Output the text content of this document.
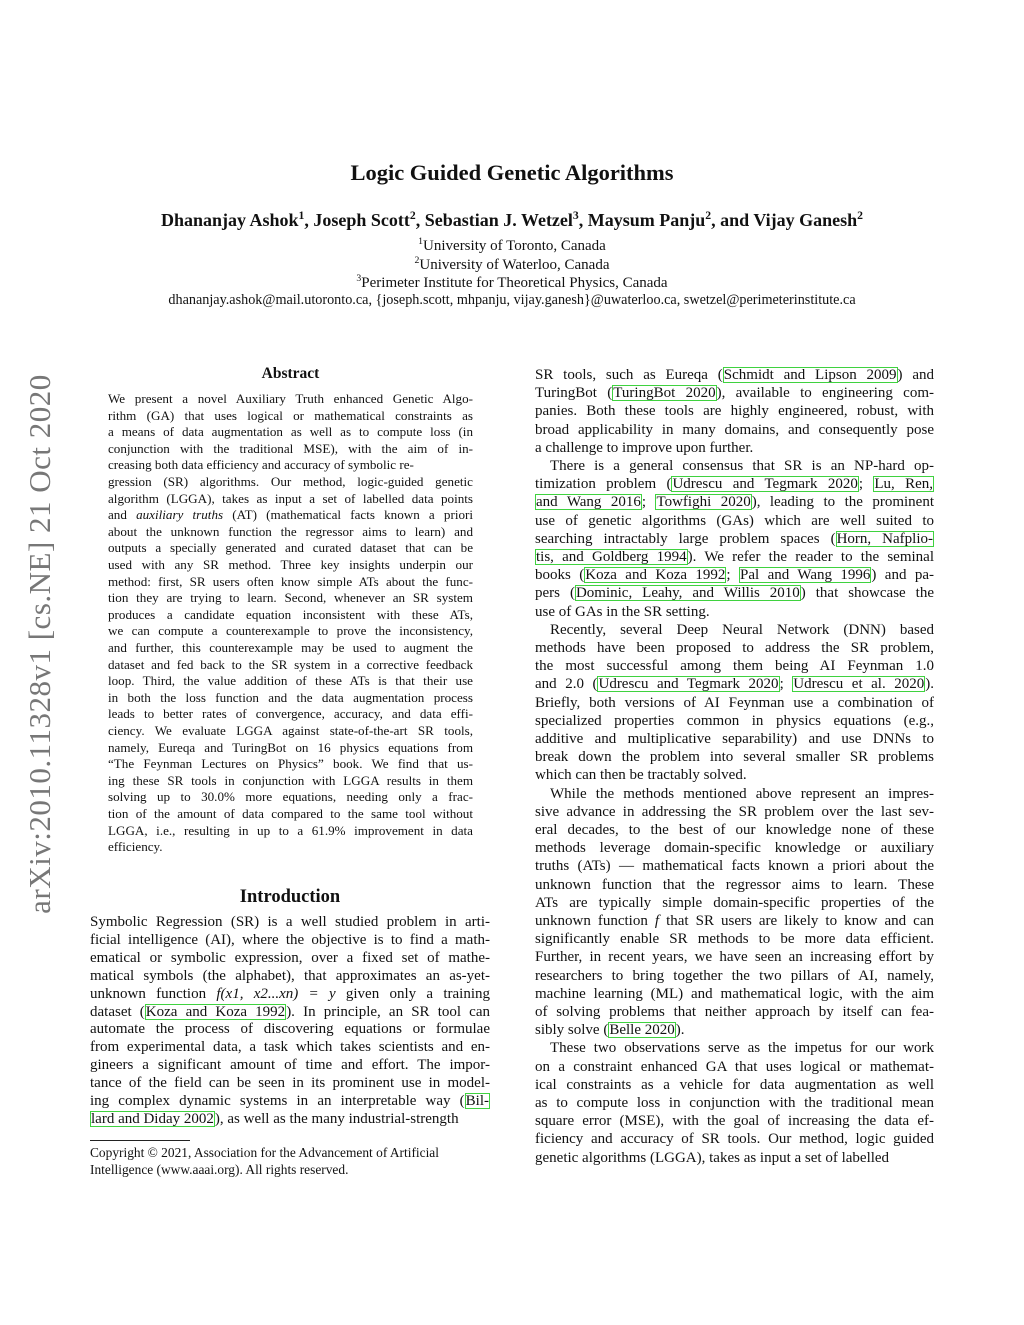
Logic Guided Genetic Algorithms
Dhananjay Ashok$^1$, Joseph Scott$^2$, Sebastian J. Wetzel$^3$, Maysum Panju$^2$, and Vijay Ganesh$^2$
$^1$University of Toronto, Canada
$^2$University of Waterloo, Canada
$^3$Perimeter Institute for Theoretical Physics, Canada
dhananjay.ashok@mail.utoronto.ca, {joseph.scott, mhpanju, vijay.ganesh}@uwaterloo.ca, swetzel@perimeterinstitute.ca
arXiv:2010.11328v1 [cs.NE] 21 Oct 2020
Abstract
We present a novel Auxiliary Truth enhanced Genetic Algo-
rithm (GA) that uses logical or mathematical constraints as
a means of data augmentation as well as to compute loss (in
conjunction with the traditional MSE), with the aim of in-
creasing both data efficiency and accuracy of symbolic re-
gression (SR) algorithms. Our method, logic-guided genetic
algorithm (LGGA), takes as input a set of labelled data points
and auxiliary truths (AT) (mathematical facts known a priori
about the unknown function the regressor aims to learn) and
outputs a specially generated and curated dataset that can be
used with any SR method. Three key insights underpin our
method: first, SR users often know simple ATs about the func-
tion they are trying to learn. Second, whenever an SR system
produces a candidate equation inconsistent with these ATs,
we can compute a counterexample to prove the inconsistency,
and further, this counterexample may be used to augment the
dataset and fed back to the SR system in a corrective feedback
loop. Third, the value addition of these ATs is that their use
in both the loss function and the data augmentation process
leads to better rates of convergence, accuracy, and data effi-
ciency. We evaluate LGGA against state-of-the-art SR tools,
namely, Eureqa and TuringBot on 16 physics equations from
“The Feynman Lectures on Physics” book. We find that us-
ing these SR tools in conjunction with LGGA results in them
solving up to 30.0% more equations, needing only a frac-
tion of the amount of data compared to the same tool without
LGGA, i.e., resulting in up to a 61.9% improvement in data
efficiency.
Introduction
Symbolic Regression (SR) is a well studied problem in arti-
ficial intelligence (AI), where the objective is to find a math-
ematical or symbolic expression, over a fixed set of mathe-
matical symbols (the alphabet), that approximates an as-yet-
unknown function f(x1, x2...xn) = y given only a training
dataset (Koza and Koza 1992). In principle, an SR tool can
automate the process of discovering equations or formulae
from experimental data, a task which takes scientists and en-
gineers a significant amount of time and effort. The impor-
tance of the field can be seen in its prominent use in model-
ing complex dynamic systems in an interpretable way (Bil-
lard and Diday 2002), as well as the many industrial-strength
Copyright © 2021, Association for the Advancement of Artificial
Intelligence (www.aaai.org). All rights reserved.
SR tools, such as Eureqa (Schmidt and Lipson 2009) and
TuringBot (TuringBot 2020), available to engineering com-
panies. Both these tools are highly engineered, robust, with
broad applicability in many domains, and consequently pose
a challenge to improve upon further.
There is a general consensus that SR is an NP-hard op-
timization problem (Udrescu and Tegmark 2020; Lu, Ren,
and Wang 2016; Towfighi 2020), leading to the prominent
use of genetic algorithms (GAs) which are well suited to
searching intractably large problem spaces (Horn, Nafplio-
tis, and Goldberg 1994). We refer the reader to the seminal
books (Koza and Koza 1992; Pal and Wang 1996) and pa-
pers (Dominic, Leahy, and Willis 2010) that showcase the
use of GAs in the SR setting.
Recently, several Deep Neural Network (DNN) based
methods have been proposed to address the SR problem,
the most successful among them being AI Feynman 1.0
and 2.0 (Udrescu and Tegmark 2020; Udrescu et al. 2020).
Briefly, both versions of AI Feynman use a combination of
specialized properties common in physics equations (e.g.,
additive and multiplicative separability) and use DNNs to
break down the problem into several smaller SR problems
which can then be tractably solved.
While the methods mentioned above represent an impres-
sive advance in addressing the SR problem over the last sev-
eral decades, to the best of our knowledge none of these
methods leverage domain-specific knowledge or auxiliary
truths (ATs) — mathematical facts known a priori about the
unknown function that the regressor aims to learn. These
ATs are typically simple domain-specific properties of the
unknown function f that SR users are likely to know and can
significantly enable SR methods to be more data efficient.
Further, in recent years, we have seen an increasing effort by
researchers to bring together the two pillars of AI, namely,
machine learning (ML) and mathematical logic, with the aim
of solving problems that neither approach by itself can fea-
sibly solve (Belle 2020).
These two observations serve as the impetus for our work
on a constraint enhanced GA that uses logical or mathemat-
ical constraints as a vehicle for data augmentation as well
as to compute loss in conjunction with the traditional mean
square error (MSE), with the goal of increasing the data ef-
ficiency and accuracy of SR tools. Our method, logic guided
genetic algorithms (LGGA), takes as input a set of labelled
